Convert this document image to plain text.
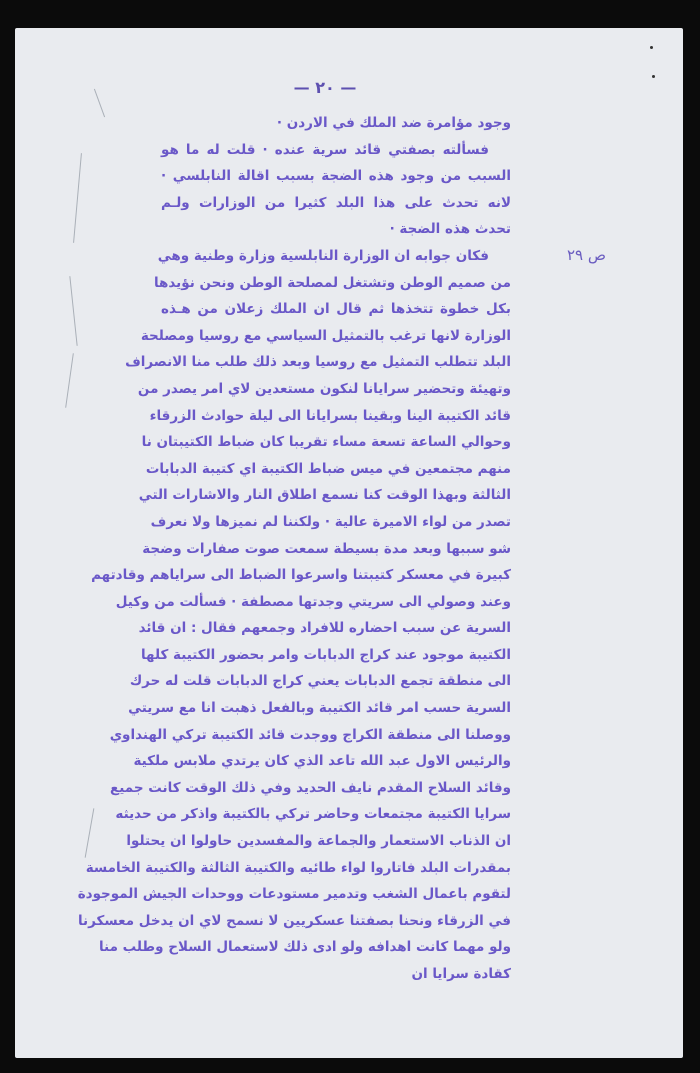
— ٢٠ —
ص ٢٩
وجود مؤامرة ضد الملك في الاردن ·
فسألته بصفتي قائد سرية عنده · قلت له ما هو
السبب من وجود هذه الضجة بسبب اقالة النابلسي ·
لانه تحدث على هذا البلد كثيرا من الوزارات ولـم
تحدث هذه الضجة ·
فكان جوابه ان الوزارة النابلسية وزارة وطنية وهي
من صميم الوطن وتشتغل لمصلحة الوطن ونحن نؤيدها
بكل خطوة تتخذها ثم قال ان الملك زعلان من هـذه
الوزارة لانها ترغب بالتمثيل السياسي مع روسيا ومصلحة
البلد تتطلب التمثيل مع روسيا وبعد ذلك طلب منا الانصراف
وتهيئة وتحضير سرايانا لنكون مستعدين لاي امر يصدر من
قائد الكتيبة الينا وبقينا بسرايانا الى ليلة حوادث الزرقاء
وحوالي الساعة تسعة مساء تقريبا كان ضباط الكتيبتان نا
منهم مجتمعين في ميس ضباط الكتيبة اي كتيبة الدبابات
الثالثة وبهذا الوقت كنا نسمع اطلاق النار والاشارات التي
تصدر من لواء الاميرة عالية · ولكننا لم نميزها ولا نعرف
شو سببها وبعد مدة بسيطة سمعت صوت صفارات وضجة
كبيرة في معسكر كتيبتنا واسرعوا الضباط الى سراياهم وقادتهم
وعند وصولي الى سريتي وجدتها مصطفة · فسألت من وكيل
السرية عن سبب احضاره للافراد وجمعهم فقال : ان قائد
الكتيبة موجود عند كراج الدبابات وامر بحضور الكتيبة كلها
الى منطقة تجمع الدبابات يعني كراج الدبابات قلت له حرك
السرية حسب امر قائد الكتيبة وبالفعل ذهبت انا مع سريتي
ووصلنا الى منطقة الكراج ووجدت قائد الكتيبة تركي الهنداوي
والرئيس الاول عبد الله تاعد الذي كان يرتدي ملابس ملكية
وقائد السلاح المقدم نايف الحديد وفي ذلك الوقت كانت جميع
سرايا الكتيبة مجتمعات وحاضر تركي بالكتيبة واذكر من حديثه
ان الذناب الاستعمار والجماعة والمفسدين حاولوا ان يحتلوا
بمقدرات البلد فاتاروا لواء طائيه والكتيبة الثالثة والكتيبة الخامسة
لتقوم باعمال الشغب وتدمير مستودعات ووحدات الجيش الموجودة
في الزرقاء ونحنا بصفتنا عسكريين لا نسمح لاي ان يدخل معسكرنا
ولو مهما كانت اهدافه ولو ادى ذلك لاستعمال السلاح وطلب منا
كقادة سرايا ان
